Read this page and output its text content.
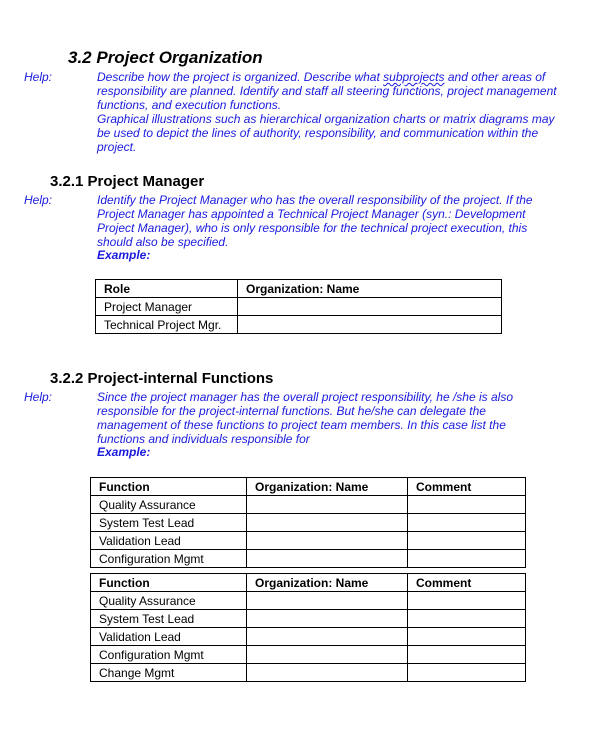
3.2 Project Organization
Help:	Describe how the project is organized. Describe what subprojects and other areas of responsibility are planned. Identify and staff all steering functions, project management functions, and execution functions.

Graphical illustrations such as hierarchical organization charts or matrix diagrams may be used to depict the lines of authority, responsibility, and communication within the project.

3.2.1 Project Manager
Help:	Identify the Project Manager who has the overall responsibility of the project. If the Project Manager has appointed a Technical Project Manager (syn.: Development Project Manager), who is only responsible for the technical project execution, this should also be specified.
Example:
Role	Organization: Name
Project Manager	
Technical Project Mgr.	
3.2.2 Project-internal Functions
Help:	Since the project manager has the overall project responsibility, he /she is also responsible for the project-internal functions. But he/she can delegate the management of these functions to project team members. In this case list the functions and individuals responsible for
Example:
Function	Organization: Name	Comment
Quality Assurance		
System Test Lead		
Validation Lead		
Configuration Mgmt		
Function	Organization: Name	Comment
Quality Assurance		
System Test Lead		
Validation Lead		
Configuration Mgmt		
Change Mgmt		
